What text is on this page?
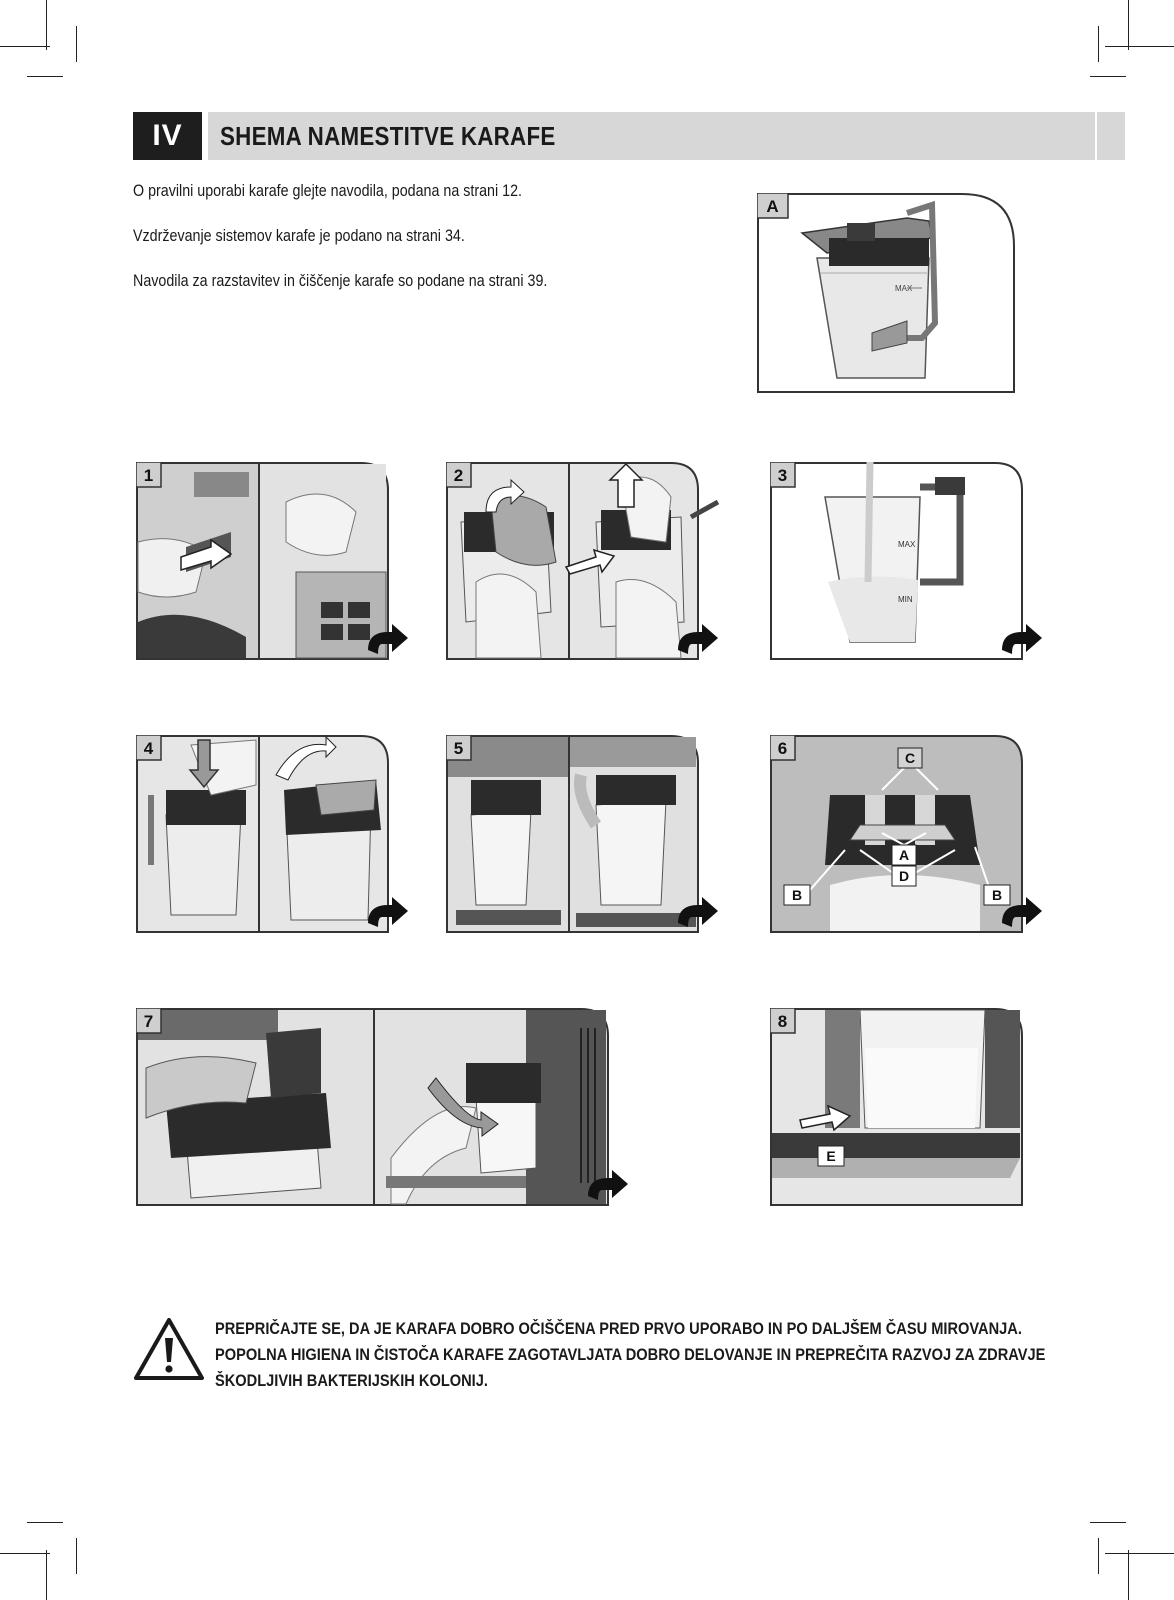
IV	SHEMA NAMESTITVE KARAFE

O pravilni uporabi karafe glejte navodila, podana na strani 12.

Vzdrževanje sistemov karafe je podano na strani 34.

Navodila za razstavitev in čiščenje karafe so podane na strani 39.

A
MAX
1	2
MAX
MIN
3
4	5	C
A
D
B	B
6
7
E
8
PREPRIČAJTE SE, DA JE KARAFA DOBRO OČIŠČENA PRED PRVO UPORABO IN PO DALJŠEM ČASU MIROVANJA.
POPOLNA HIGIENA IN ČISTOČA KARAFE ZAGOTAVLJATA DOBRO DELOVANJE IN PREPREČITA RAZVOJ ZA ZDRAVJE
ŠKODLJIVIH BAKTERIJSKIH KOLONIJ.
